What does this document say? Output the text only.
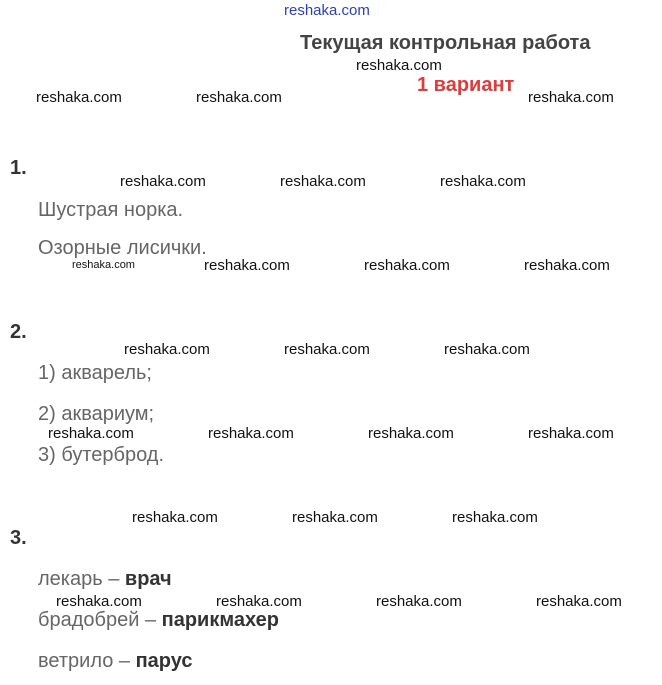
reshaka.com
Текущая контрольная работа
reshaka.com
1 вариант
reshaka.com	reshaka.com	reshaka.com
1.
reshaka.com	reshaka.com	reshaka.com
Шустрая норка.
Озорные лисички.
reshaka.com	reshaka.com	reshaka.com	reshaka.com
2.
reshaka.com	reshaka.com	reshaka.com
1) акварель;
2) аквариум;
reshaka.com	reshaka.com	reshaka.com	reshaka.com
3) бутерброд.
reshaka.com	reshaka.com	reshaka.com
3.
лекарь – врач
reshaka.com	reshaka.com	reshaka.com	reshaka.com
брадобрей – парикмахер
ветрило – парус
